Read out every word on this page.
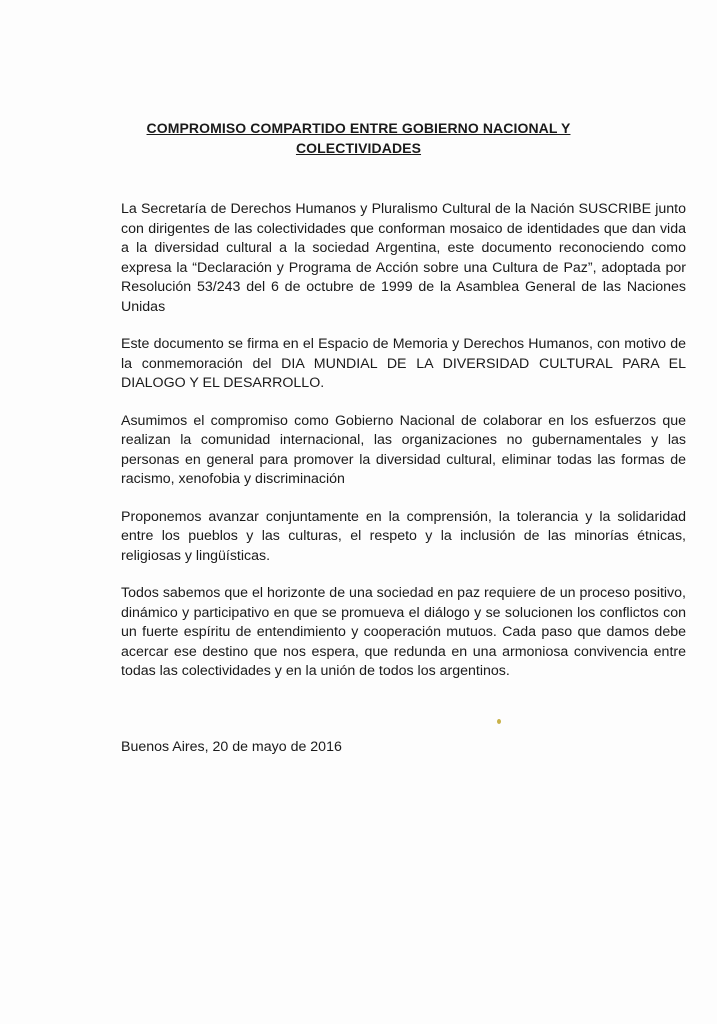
COMPROMISO COMPARTIDO ENTRE GOBIERNO NACIONAL Y
COLECTIVIDADES

La Secretaría de Derechos Humanos y Pluralismo Cultural de la Nación SUSCRIBE junto con dirigentes de las colectividades que conforman mosaico de identidades que dan vida a la diversidad cultural a la sociedad Argentina, este documento reconociendo como expresa la “Declaración y Programa de Acción sobre una Cultura de Paz”, adoptada por Resolución 53/243 del 6 de octubre de 1999 de la Asamblea General de las Naciones Unidas

Este documento se firma en el Espacio de Memoria y Derechos Humanos, con motivo de la conmemoración del DIA MUNDIAL DE LA DIVERSIDAD CULTURAL PARA EL DIALOGO Y EL DESARROLLO.

Asumimos el compromiso como Gobierno Nacional de colaborar en los esfuerzos que realizan la comunidad internacional, las organizaciones no gubernamentales y las personas en general para promover la diversidad cultural, eliminar todas las formas de racismo, xenofobia y discriminación

Proponemos avanzar conjuntamente en la comprensión, la tolerancia y la solidaridad entre los pueblos y las culturas, el respeto y la inclusión de las minorías étnicas, religiosas y lingüísticas.

Todos sabemos que el horizonte de una sociedad en paz requiere de un proceso positivo, dinámico y participativo en que se promueva el diálogo y se solucionen los conflictos con un fuerte espíritu de entendimiento y cooperación mutuos. Cada paso que damos debe acercar ese destino que nos espera, que redunda en una armoniosa convivencia entre todas las colectividades y en la unión de todos los argentinos.

Buenos Aires, 20 de mayo de 2016
